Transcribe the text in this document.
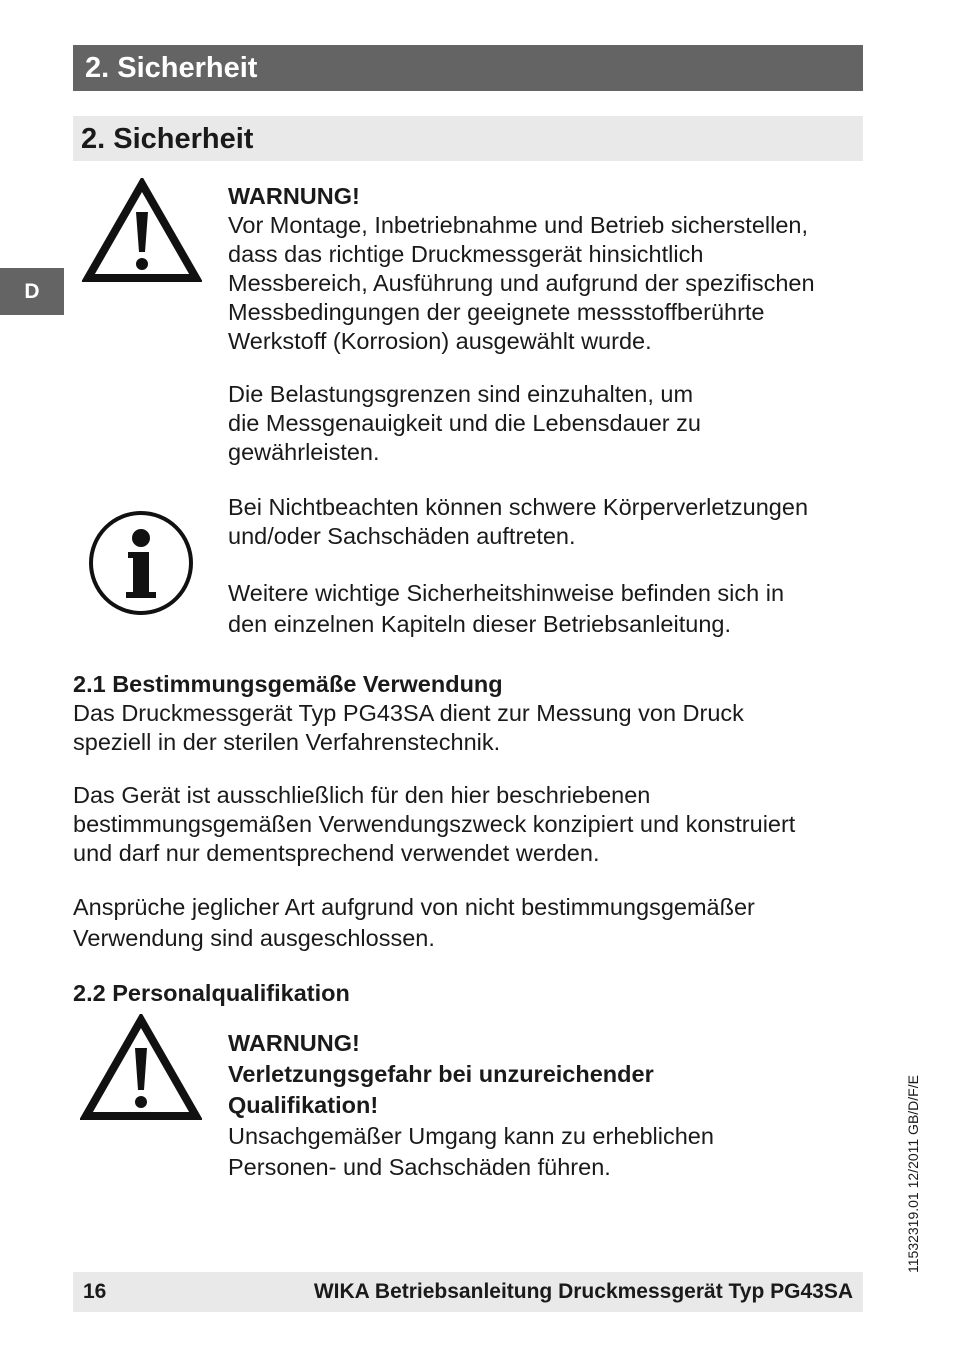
2. Sicherheit
2. Sicherheit
D

WARNUNG!

Vor Montage, Inbetriebnahme und Betrieb sicherstellen,

dass das richtige Druckmessgerät hinsichtlich

Messbereich, Ausführung und aufgrund der spezifischen

Messbedingungen der geeignete messstoffberührte

Werkstoff (Korrosion) ausgewählt wurde.

Die Belastungsgrenzen sind einzuhalten, um

die Messgenauigkeit und die Lebensdauer zu

gewährleisten.

Bei Nichtbeachten können schwere Körperverletzungen

und/oder Sachschäden auftreten.

Weitere wichtige Sicherheitshinweise befinden sich in

den einzelnen Kapiteln dieser Betriebsanleitung.

2.1 Bestimmungsgemäße Verwendung

Das Druckmessgerät Typ PG43SA dient zur Messung von Druck

speziell in der sterilen Verfahrenstechnik.

Das Gerät ist ausschließlich für den hier beschriebenen

bestimmungsgemäßen Verwendungszweck konzipiert und konstruiert

und darf nur dementsprechend verwendet werden.

Ansprüche jeglicher Art aufgrund von nicht bestimmungsgemäßer

Verwendung sind ausgeschlossen.

2.2 Personalqualifikation

WARNUNG!

Verletzungsgefahr bei unzureichender

Qualifikation!

Unsachgemäßer Umgang kann zu erheblichen

Personen- und Sachschäden führen.

16	WIKA Betriebsanleitung Druckmessgerät Typ PG43SA
11532319.01 12/2011 GB/D/F/E
